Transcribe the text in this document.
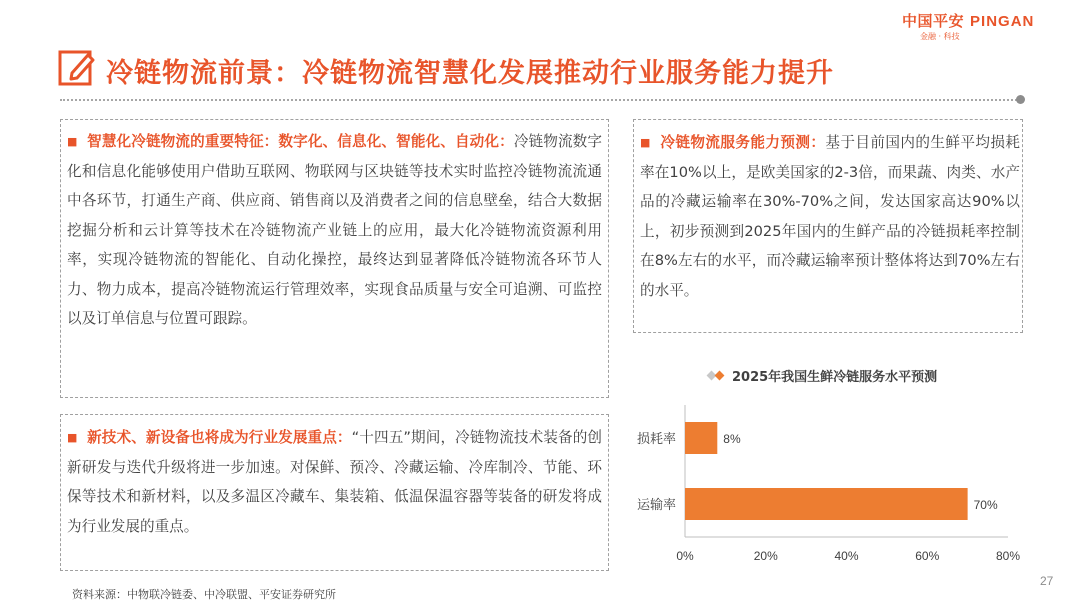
中国平安 PINGAN
金融 · 科技
冷链物流前景：冷链物流智慧化发展推动行业服务能力提升
■ 智慧化冷链物流的重要特征：数字化、信息化、智能化、自动化：冷链物流数字化和信息化能够使用户借助互联网、物联网与区块链等技术实时监控冷链物流流通中各环节，打通生产商、供应商、销售商以及消费者之间的信息壁垒，结合大数据挖掘分析和云计算等技术在冷链物流产业链上的应用，最大化冷链物流资源利用率，实现冷链物流的智能化、自动化操控，最终达到显著降低冷链物流各环节人力、物力成本，提高冷链物流运行管理效率，实现食品质量与安全可追溯、可监控以及订单信息与位置可跟踪。
■ 新技术、新设备也将成为行业发展重点：“十四五”期间，冷链物流技术装备的创新研发与迭代升级将进一步加速。对保鲜、预冷、冷藏运输、冷库制冷、节能、环保等技术和新材料，以及多温区冷藏车、集装箱、低温保温容器等装备的研发将成为行业发展的重点。
■ 冷链物流服务能力预测：基于目前国内的生鲜平均损耗率在10%以上，是欧美国家的2-3倍，而果蔬、肉类、水产品的冷藏运输率在30%-70%之间，发达国家高达90%以上，初步预测到2025年国内的生鲜产品的冷链损耗率控制在8%左右的水平，而冷藏运输率预计整体将达到70%左右的水平。
2025年我国生鲜冷链服务水平预测
0%	20%	40%	60%	80%
损耗率	8%
运输率	70%
资料来源：中物联冷链委、中冷联盟、平安证券研究所
27
